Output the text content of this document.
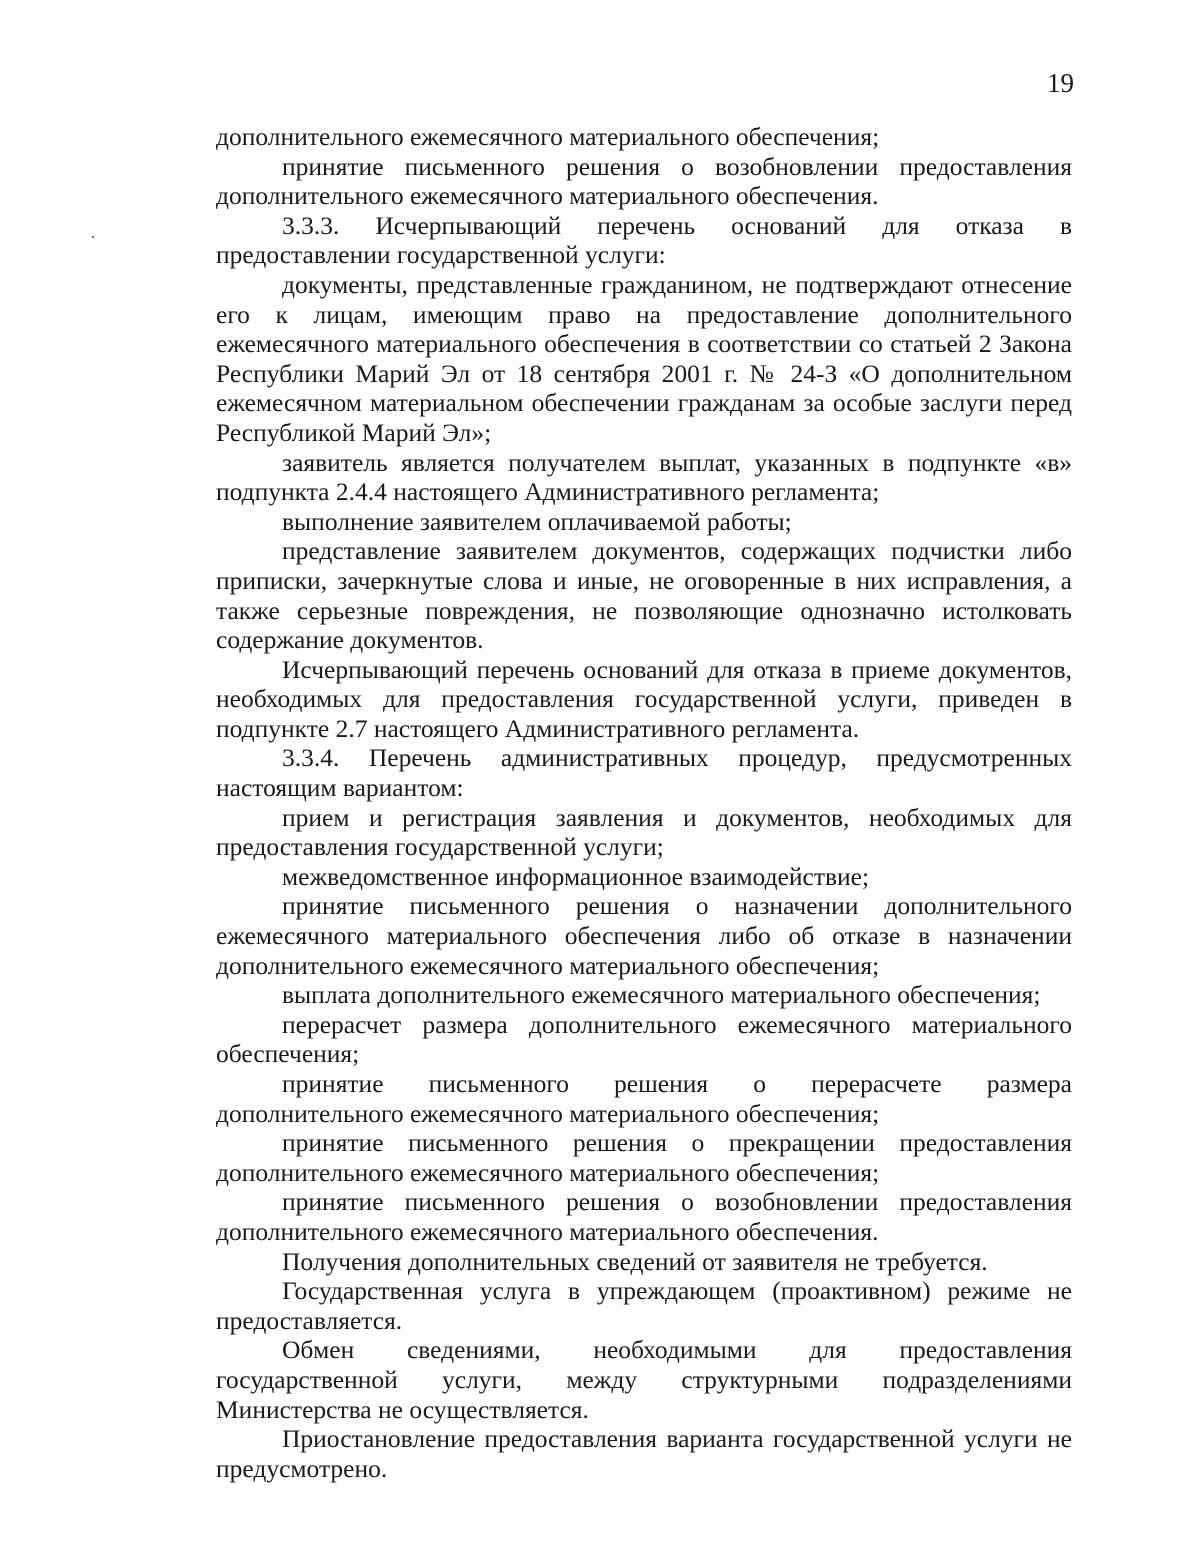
19

дополнительного ежемесячного материального обеспечения;

принятие письменного решения о возобновлении предоставления дополнительного ежемесячного материального обеспечения.

3.3.3. Исчерпывающий перечень оснований для отказа в предоставлении государственной услуги:

документы, представленные гражданином, не подтверждают отнесение его к лицам, имеющим право на предоставление дополнительного ежемесячного материального обеспечения в соответствии со статьей 2 Закона Республики Марий Эл от 18 сентября 2001 г. № 24-З «О дополнительном ежемесячном материальном обеспечении гражданам за особые заслуги перед Республикой Марий Эл»;

заявитель является получателем выплат, указанных в подпункте «в» подпункта 2.4.4 настоящего Административного регламента;

выполнение заявителем оплачиваемой работы;

представление заявителем документов, содержащих подчистки либо приписки, зачеркнутые слова и иные, не оговоренные в них исправления, а также серьезные повреждения, не позволяющие однозначно истолковать содержание документов.

Исчерпывающий перечень оснований для отказа в приеме документов, необходимых для предоставления государственной услуги, приведен в подпункте 2.7 настоящего Административного регламента.

3.3.4. Перечень административных процедур, предусмотренных настоящим вариантом:

прием и регистрация заявления и документов, необходимых для предоставления государственной услуги;

межведомственное информационное взаимодействие;

принятие письменного решения о назначении дополнительного ежемесячного материального обеспечения либо об отказе в назначении дополнительного ежемесячного материального обеспечения;

выплата дополнительного ежемесячного материального обеспечения;

перерасчет размера дополнительного ежемесячного материального обеспечения;

принятие письменного решения о перерасчете размера дополнительного ежемесячного материального обеспечения;

принятие письменного решения о прекращении предоставления дополнительного ежемесячного материального обеспечения;

принятие письменного решения о возобновлении предоставления дополнительного ежемесячного материального обеспечения.

Получения дополнительных сведений от заявителя не требуется.

Государственная услуга в упреждающем (проактивном) режиме не предоставляется.

Обмен сведениями, необходимыми для предоставления государственной услуги, между структурными подразделениями Министерства не осуществляется.

Приостановление предоставления варианта государственной услуги не предусмотрено.
